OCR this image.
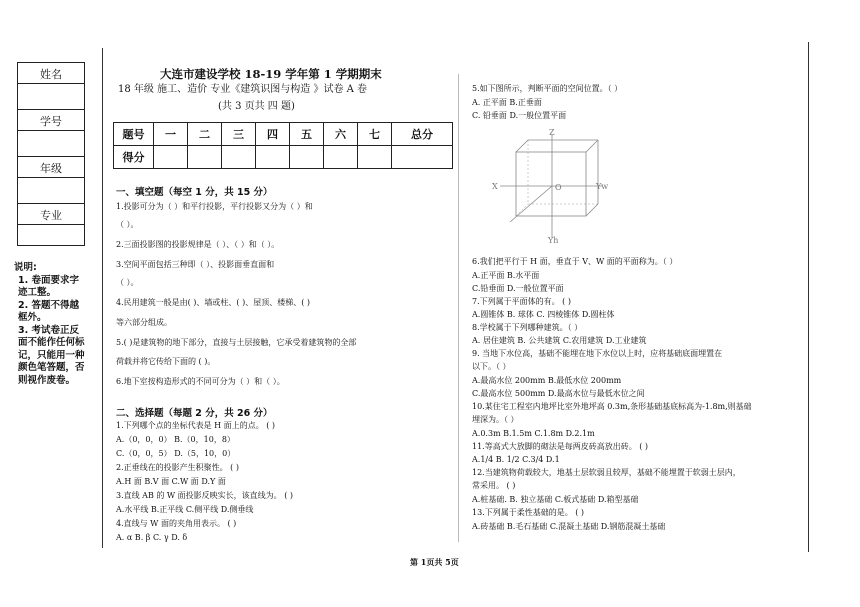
姓名
学号
年级
专业
说明:
1. 卷面要求字迹工整。
2. 答题不得越框外。
3. 考试卷正反面不能作任何标记，只能用一种颜色笔答题，否则视作废卷。
大连市建设学校 18-19 学年第 1 学期期末
18 年级 施工、造价 专业《建筑识图与构造 》试卷 A 卷
(共 3 页共 四 题)
题号	一	二	三	四	五	六	七	总分
得分								
一、填空题（每空 1 分，共 15 分）
1.投影可分为（ ）和平行投影，平行投影又分为（ ）和
（ ）。
2.三面投影图的投影规律是（ ）、（ ）和（ ）。
3.空间平面包括三种即（ ）、投影面垂直面和
（ ）。
4.民用建筑一般是由( )、墙或柱、( )、屋顶、楼梯、( )
等六部分组成。
5.( )是建筑物的地下部分，直接与土层接触，它承受着建筑物的全部
荷载并将它传给下面的 ( )。
6.地下室按构造形式的不同可分为（ ）和（ ）。
二、选择题（每题 2 分，共 26 分）
1.下列哪个点的坐标代表是 H 面上的点。 ( )
A.（0，0，0） B.（0，10，8）
C.（0，0，5） D.（5，10，0）
2.正垂线在的投影产生积聚性。 ( )
A.H 面 B.V 面 C.W 面 D.Y 面
3.直线 AB 的 W 面投影反映实长，该直线为。 ( )
A.水平线 B.正平线 C.侧平线 D.侧垂线
4.直线与 W 面的夹角用表示。 ( )
A. α B. β C. γ D. δ
5.如下图所示，判断平面的空间位置。（ ）
A. 正平面 B.正垂面
C. 铅垂面 D.一般位置平面
Z
X	Yw
Yh
O
6.我们把平行于 H 面，垂直于 V、W 面的平面称为。（ ）
A.正平面 B.水平面
C.铅垂面 D.一般位置平面
7.下列属于平面体的有。 ( )
A.圆锥体 B. 球体 C. 四棱锥体 D.圆柱体
8.学校属于下列哪种建筑。（ ）
A. 居住建筑 B. 公共建筑 C.农用建筑 D.工业建筑
9. 当地下水位高，基础不能埋在地下水位以上时，应将基础底面埋置在
以下。（ ）
A.最高水位 200mm B.最低水位 200mm
C.最高水位 500mm D.最高水位与最低水位之间
10.某住宅工程室内地坪比室外地坪高 0.3m,条形基础基底标高为-1.8m,则基础
埋深为。（ ）
A.0.3m B.1.5m C.1.8m D.2.1m
11.等高式大放脚的砌法是每两皮砖高放出砖。 ( )
A.1/4 B. 1/2 C.3/4 D.1
12.当建筑物荷载较大，地基土层软弱且较厚，基础不能埋置于软弱土层内，
常采用。 ( )
A.桩基础. B. 独立基础 C.板式基础 D.箱型基础
13.下列属于柔性基础的是。 ( )
A.砖基础 B.毛石基础 C.混凝土基础 D.钢筋混凝土基础
第 1页共 5页
